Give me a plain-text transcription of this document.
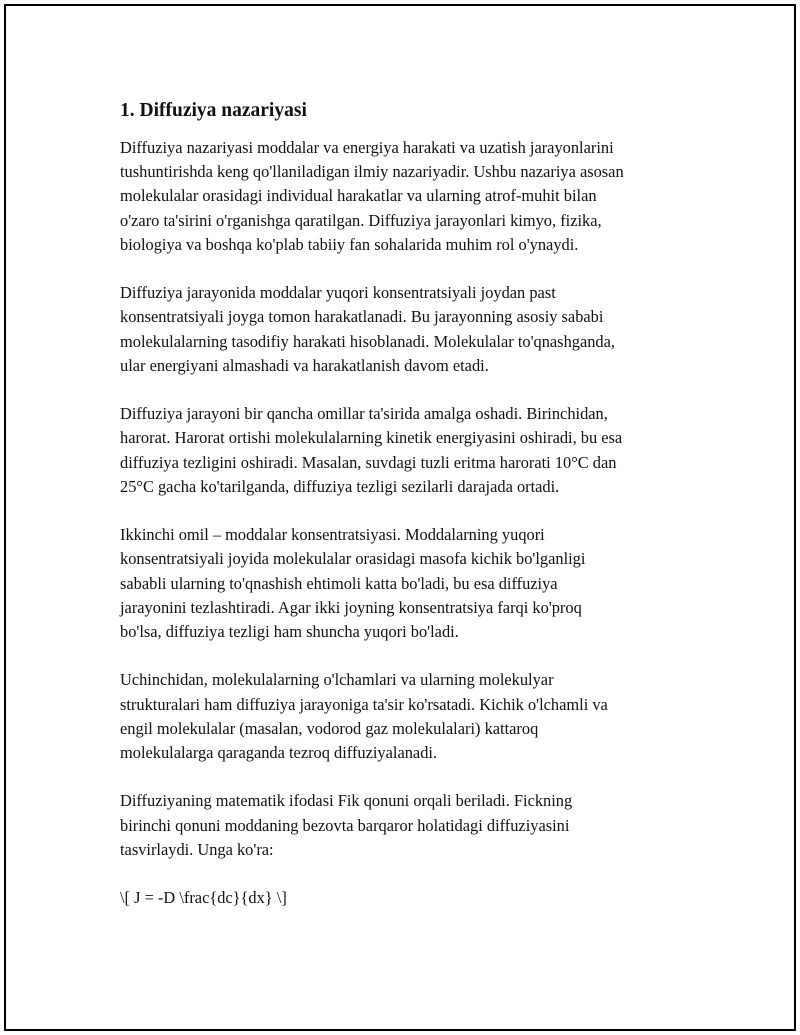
1. Diffuziya nazariyasi

Diffuziya nazariyasi moddalar va energiya harakati va uzatish jarayonlarini
tushuntirishda keng qo'llaniladigan ilmiy nazariyadir. Ushbu nazariya asosan
molekulalar orasidagi individual harakatlar va ularning atrof-muhit bilan
o'zaro ta'sirini o'rganishga qaratilgan. Diffuziya jarayonlari kimyo, fizika,
biologiya va boshqa ko'plab tabiiy fan sohalarida muhim rol o'ynaydi.

Diffuziya jarayonida moddalar yuqori konsentratsiyali joydan past
konsentratsiyali joyga tomon harakatlanadi. Bu jarayonning asosiy sababi
molekulalarning tasodifiy harakati hisoblanadi. Molekulalar to'qnashganda,
ular energiyani almashadi va harakatlanish davom etadi.

Diffuziya jarayoni bir qancha omillar ta'sirida amalga oshadi. Birinchidan,
harorat. Harorat ortishi molekulalarning kinetik energiyasini oshiradi, bu esa
diffuziya tezligini oshiradi. Masalan, suvdagi tuzli eritma harorati 10°C dan
25°C gacha ko'tarilganda, diffuziya tezligi sezilarli darajada ortadi.

Ikkinchi omil – moddalar konsentratsiyasi. Moddalarning yuqori
konsentratsiyali joyida molekulalar orasidagi masofa kichik bo'lganligi
sababli ularning to'qnashish ehtimoli katta bo'ladi, bu esa diffuziya
jarayonini tezlashtiradi. Agar ikki joyning konsentratsiya farqi ko'proq
bo'lsa, diffuziya tezligi ham shuncha yuqori bo'ladi.

Uchinchidan, molekulalarning o'lchamlari va ularning molekulyar
strukturalari ham diffuziya jarayoniga ta'sir ko'rsatadi. Kichik o'lchamli va
engil molekulalar (masalan, vodorod gaz molekulalari) kattaroq
molekulalarga qaraganda tezroq diffuziyalanadi.

Diffuziyaning matematik ifodasi Fik qonuni orqali beriladi. Fickning
birinchi qonuni moddaning bezovta barqaror holatidagi diffuziyasini
tasvirlaydi. Unga ko'ra:

\[ J = -D \frac{dc}{dx} \]
